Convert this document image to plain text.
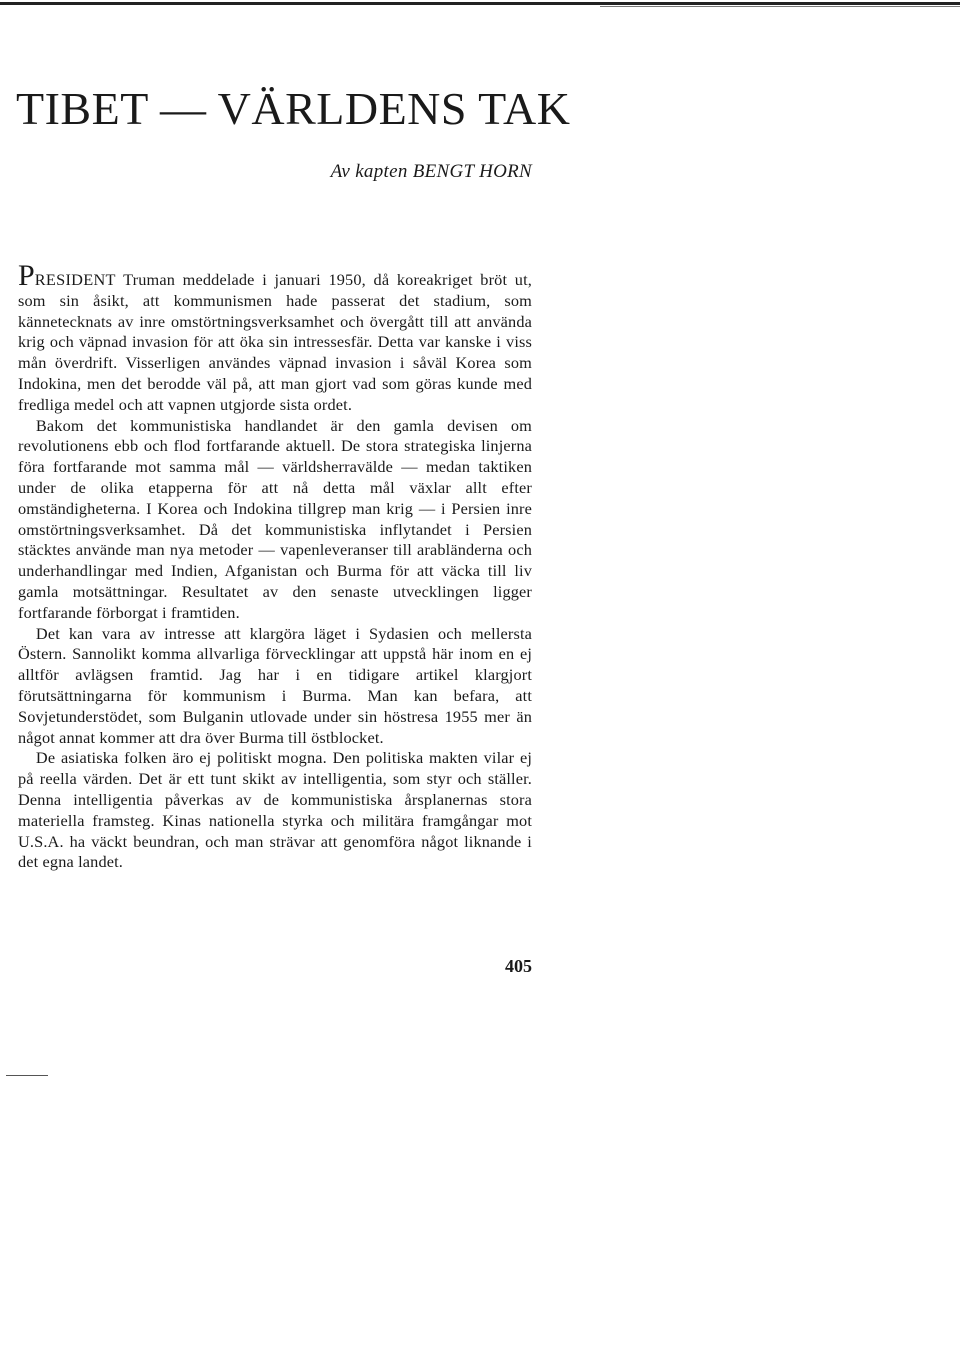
TIBET — VÄRLDENS TAK
Av kapten BENGT HORN

PRESIDENT Truman meddelade i januari 1950, då koreakriget bröt ut, som sin åsikt, att kommunismen hade passerat det stadium, som kännetecknats av inre omstörtningsverksamhet och övergått till att använda krig och väpnad invasion för att öka sin intressesfär. Detta var kanske i viss mån överdrift. Visserligen användes väpnad invasion i såväl Korea som Indokina, men det berodde väl på, att man gjort vad som göras kunde med fredliga medel och att vapnen utgjorde sista ordet.

Bakom det kommunistiska handlandet är den gamla devisen om revolutionens ebb och flod fortfarande aktuell. De stora strategiska linjerna föra fortfarande mot samma mål — världsherravälde — medan taktiken under de olika etapperna för att nå detta mål växlar allt efter omständigheterna. I Korea och Indokina tillgrep man krig — i Persien inre omstörtningsverksamhet. Då det kommunistiska inflytandet i Persien stäcktes använde man nya metoder — vapenleveranser till arabländerna och underhandlingar med Indien, Afganistan och Burma för att väcka till liv gamla motsättningar. Resultatet av den senaste utvecklingen ligger fortfarande förborgat i framtiden.

Det kan vara av intresse att klargöra läget i Sydasien och mellersta Östern. Sannolikt komma allvarliga förvecklingar att uppstå här inom en ej alltför avlägsen framtid. Jag har i en tidigare artikel klargjort förutsättningarna för kommunism i Burma. Man kan befara, att Sovjetunderstödet, som Bulganin utlovade under sin höstresa 1955 mer än något annat kommer att dra över Burma till östblocket.

De asiatiska folken äro ej politiskt mogna. Den politiska makten vilar ej på reella värden. Det är ett tunt skikt av intelligentia, som styr och ställer. Denna intelligentia påverkas av de kommunistiska årsplanernas stora materiella framsteg. Kinas nationella styrka och militära framgångar mot U.S.A. ha väckt beundran, och man strävar att genomföra något liknande i det egna landet.

405
